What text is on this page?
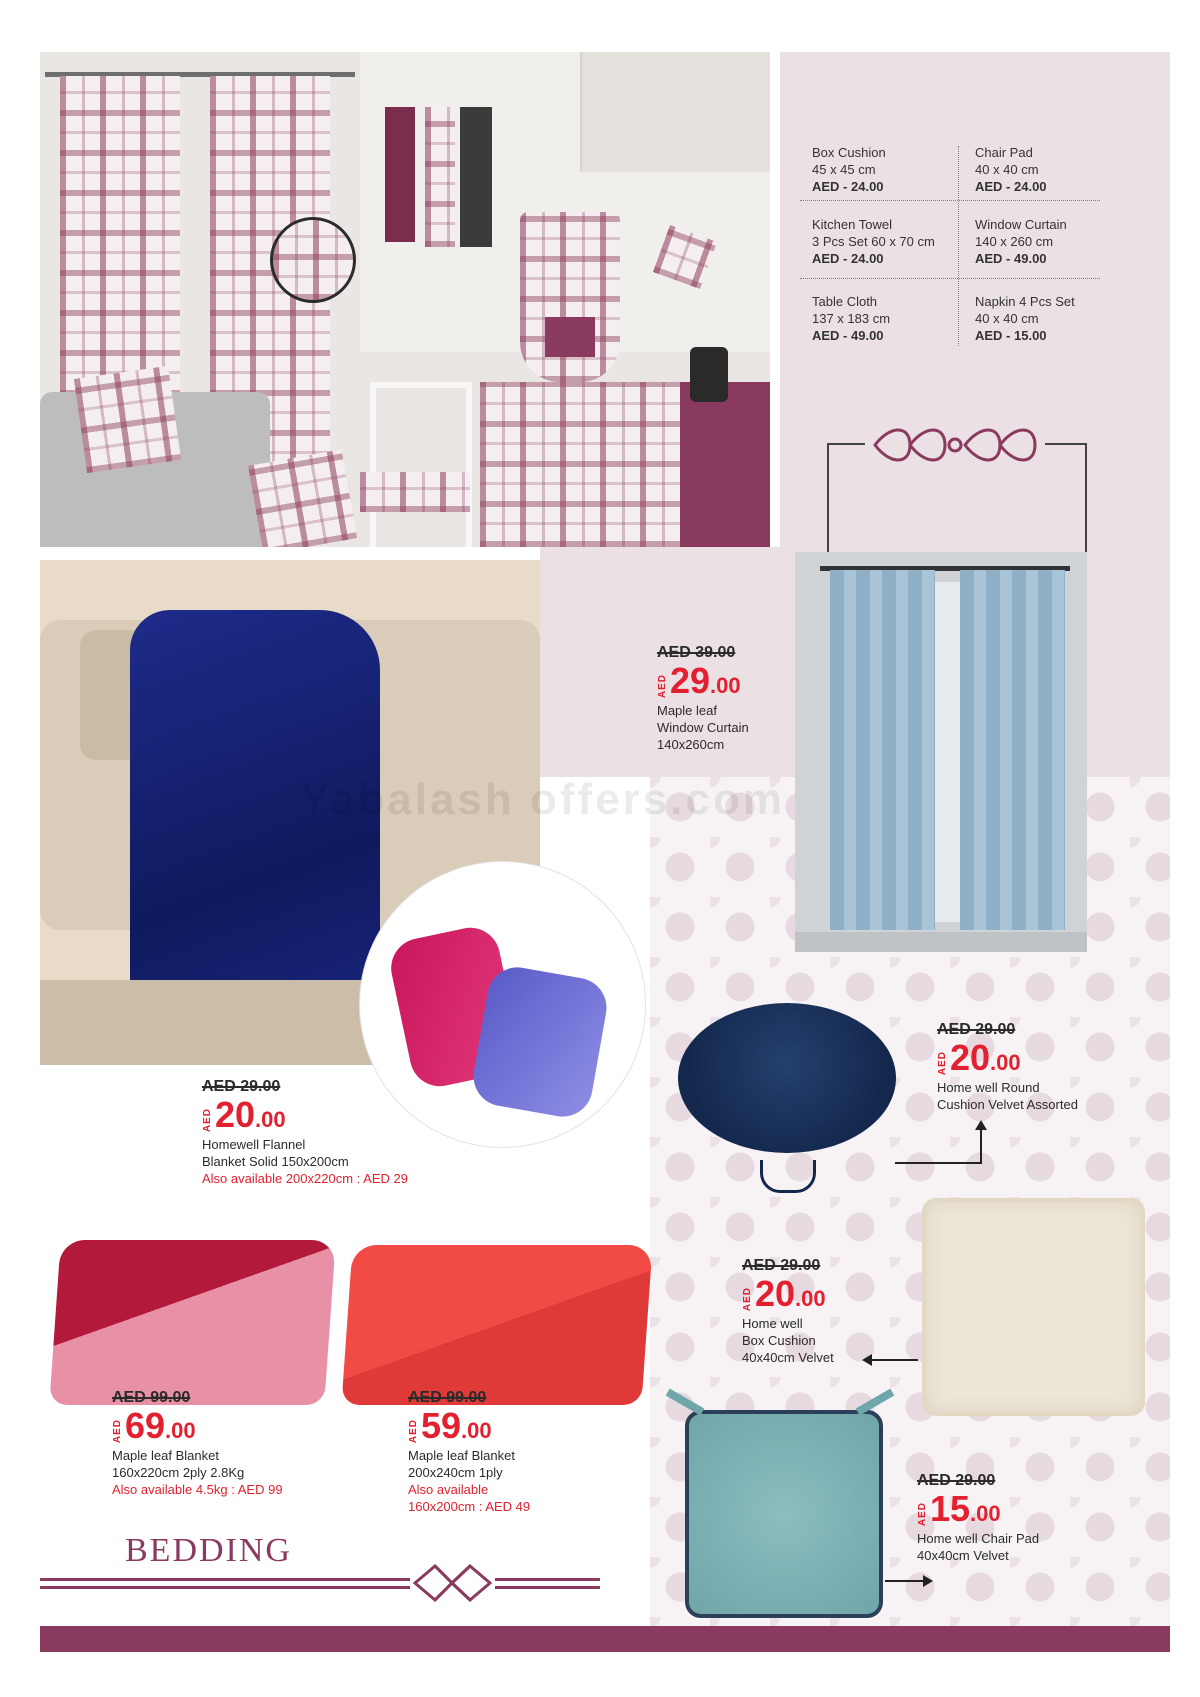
Box Cushion
45 x 45 cm
AED - 24.00
Chair Pad
40 x 40 cm
AED - 24.00
Kitchen Towel
3 Pcs Set 60 x 70 cm
AED - 24.00
Window Curtain
140 x 260 cm
AED - 49.00
Table Cloth
137 x 183 cm
AED - 49.00
Napkin 4 Pcs Set
40 x 40 cm
AED - 15.00
Yabalash offers.com
AED 39.00
AED 29 .00
Maple leaf
Window Curtain
140x260cm
AED 29.00
AED 20 .00
Homewell Flannel
Blanket Solid 150x200cm
Also available 200x220cm : AED 29
AED 29.00
AED 20 .00
Home well Round
Cushion Velvet Assorted
AED 29.00
AED 20 .00
Home well
Box Cushion
40x40cm Velvet
AED 99.00
AED 69 .00
Maple leaf Blanket
160x220cm 2ply 2.8Kg
Also available 4.5kg : AED 99
AED 99.00
AED 59 .00
Maple leaf Blanket
200x240cm 1ply
Also available
160x200cm : AED 49
AED 29.00
AED 15 .00
Home well Chair Pad
40x40cm Velvet
BEDDING
